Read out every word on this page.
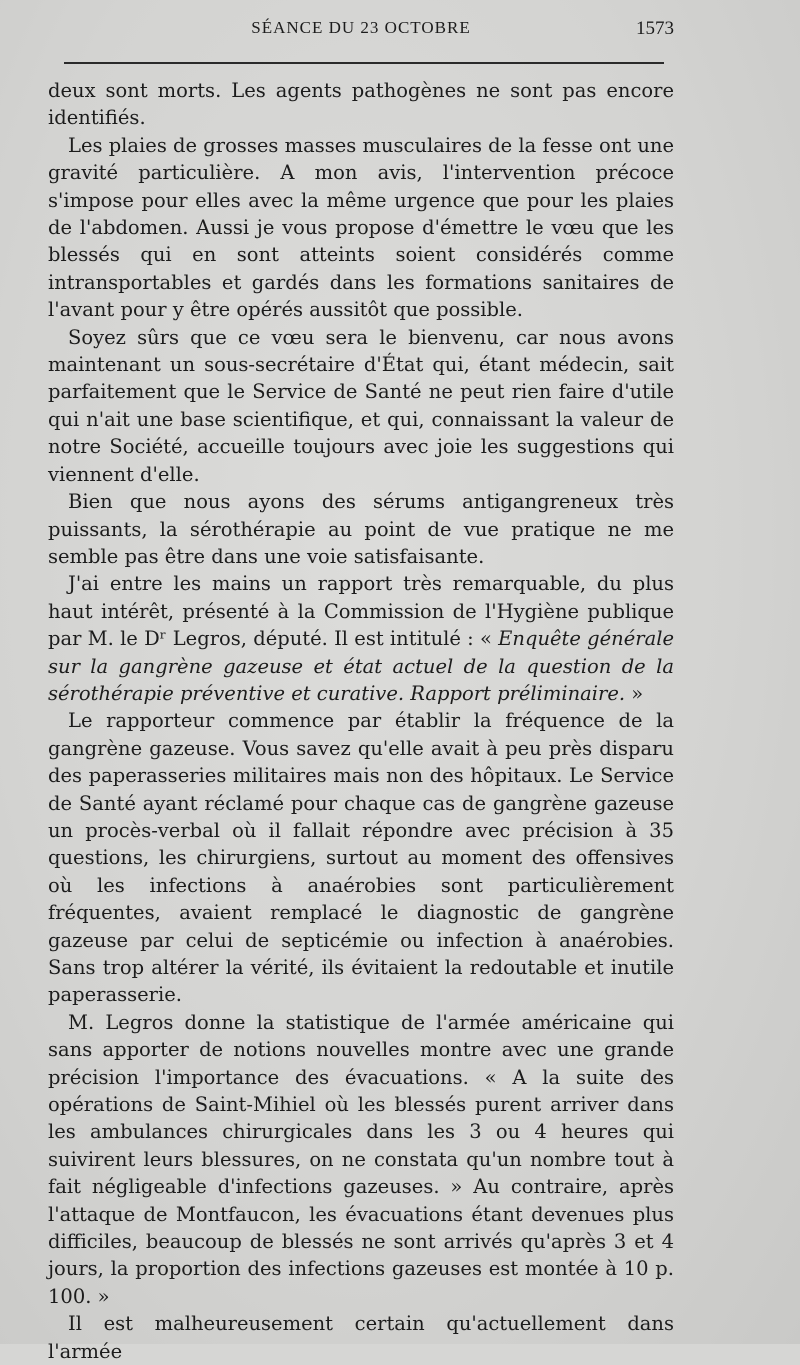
SÉANCE DU 23 OCTOBRE	1573

deux sont morts. Les agents pathogènes ne sont pas encore identifiés.

Les plaies de grosses masses musculaires de la fesse ont une gravité particulière. A mon avis, l'intervention précoce s'impose pour elles avec la même urgence que pour les plaies de l'abdomen. Aussi je vous propose d'émettre le vœu que les blessés qui en sont atteints soient considérés comme intransportables et gardés dans les formations sanitaires de l'avant pour y être opérés aussitôt que possible.

Soyez sûrs que ce vœu sera le bienvenu, car nous avons maintenant un sous-secrétaire d'État qui, étant médecin, sait parfaitement que le Service de Santé ne peut rien faire d'utile qui n'ait une base scientifique, et qui, connaissant la valeur de notre Société, accueille toujours avec joie les suggestions qui viennent d'elle.

Bien que nous ayons des sérums antigangreneux très puissants, la sérothérapie au point de vue pratique ne me semble pas être dans une voie satisfaisante.

J'ai entre les mains un rapport très remarquable, du plus haut intérêt, présenté à la Commission de l'Hygiène publique par M. le Dʳ Legros, député. Il est intitulé : « Enquête générale sur la gangrène gazeuse et état actuel de la question de la sérothérapie préventive et curative. Rapport préliminaire. »

Le rapporteur commence par établir la fréquence de la gangrène gazeuse. Vous savez qu'elle avait à peu près disparu des paperasseries militaires mais non des hôpitaux. Le Service de Santé ayant réclamé pour chaque cas de gangrène gazeuse un procès-verbal où il fallait répondre avec précision à 35 questions, les chirurgiens, surtout au moment des offensives où les infections à anaérobies sont particulièrement fréquentes, avaient remplacé le diagnostic de gangrène gazeuse par celui de septicémie ou infection à anaérobies. Sans trop altérer la vérité, ils évitaient la redoutable et inutile paperasserie.

M. Legros donne la statistique de l'armée américaine qui sans apporter de notions nouvelles montre avec une grande précision l'importance des évacuations. « A la suite des opérations de Saint-Mihiel où les blessés purent arriver dans les ambulances chirurgicales dans les 3 ou 4 heures qui suivirent leurs blessures, on ne constata qu'un nombre tout à fait négligeable d'infections gazeuses. » Au contraire, après l'attaque de Montfaucon, les évacuations étant devenues plus difficiles, beaucoup de blessés ne sont arrivés qu'après 3 et 4 jours, la proportion des infections gazeuses est montée à 10 p. 100. »

Il est malheureusement certain qu'actuellement dans l'armée
